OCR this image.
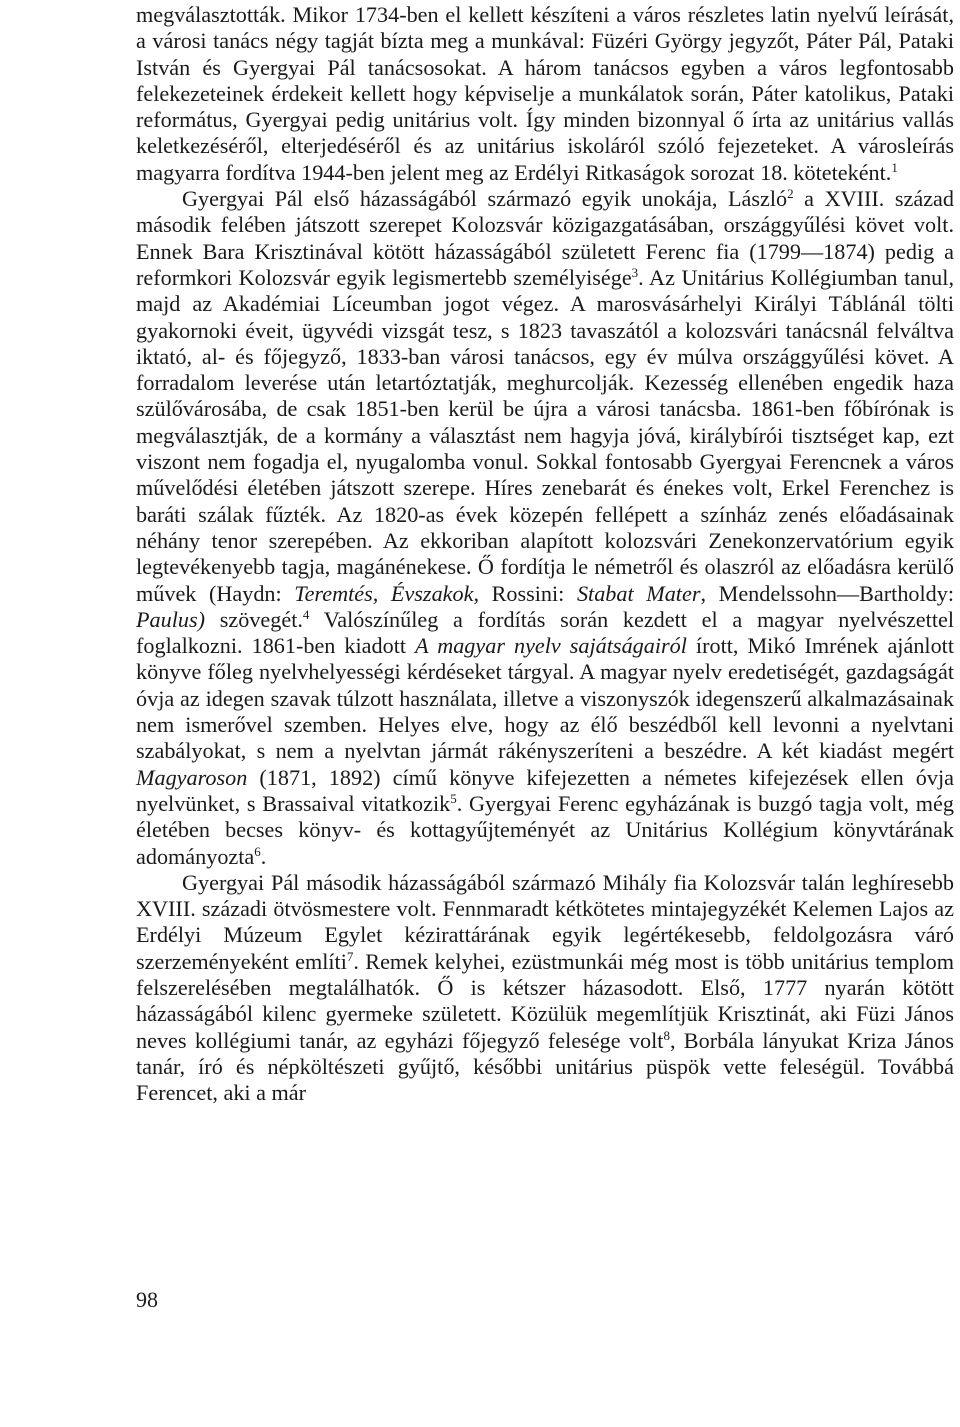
megválasztották. Mikor 1734-ben el kellett készíteni a város részletes latin nyelvű leírását, a városi tanács négy tagját bízta meg a munkával: Füzéri György jegyzőt, Páter Pál, Pataki István és Gyergyai Pál tanácsosokat. A három tanácsos egyben a város legfontosabb felekezeteinek érdekeit kellett hogy képviselje a munkálatok során, Páter katolikus, Pataki református, Gyergyai pedig unitárius volt. Így minden bizonnyal ő írta az unitárius vallás keletkezéséről, elterjedéséről és az unitárius iskoláról szóló fejezeteket. A városleírás magyarra fordítva 1944-ben jelent meg az Erdélyi Ritkaságok sorozat 18. köteteként.$^1$

Gyergyai Pál első házasságából származó egyik unokája, László$^2$ a XVIII. század második felében játszott szerepet Kolozsvár közigazgatásában, országgyűlési követ volt. Ennek Bara Krisztinával kötött házasságából született Ferenc fia (1799—1874) pedig a reformkori Kolozsvár egyik legismertebb személyisége$^3$. Az Unitárius Kollégiumban tanul, majd az Akadémiai Líceumban jogot végez. A marosvásárhelyi Királyi Táblánál tölti gyakornoki éveit, ügyvédi vizsgát tesz, s 1823 tavaszától a kolozsvári tanácsnál felváltva iktató, al- és főjegyző, 1833-ban városi tanácsos, egy év múlva országgyűlési követ. A forradalom leverése után letartóztatják, meghurcolják. Kezesség ellenében engedik haza szülővárosába, de csak 1851-ben kerül be újra a városi tanácsba. 1861-ben főbírónak is megválasztják, de a kormány a választást nem hagyja jóvá, királybírói tisztséget kap, ezt viszont nem fogadja el, nyugalomba vonul. Sokkal fontosabb Gyergyai Ferencnek a város művelődési életében játszott szerepe. Híres zenebarát és énekes volt, Erkel Ferenchez is baráti szálak fűzték. Az 1820-as évek közepén fellépett a színház zenés előadásainak néhány tenor szerepében. Az ekkoriban alapított kolozsvári Zenekonzervatórium egyik legtevékenyebb tagja, magánénekese. Ő fordítja le németről és olaszról az előadásra kerülő művek (Haydn: Teremtés, Évszakok, Rossini: Stabat Mater, Mendelssohn—Bartholdy: Paulus) szövegét.$^4$ Valószínűleg a fordítás során kezdett el a magyar nyelvészettel foglalkozni. 1861-ben kiadott A magyar nyelv sajátságairól írott, Mikó Imrének ajánlott könyve főleg nyelvhelyességi kérdéseket tárgyal. A magyar nyelv eredetiségét, gazdagságát óvja az idegen szavak túlzott használata, illetve a viszonyszók idegenszerű alkalmazásainak nem ismerővel szemben. Helyes elve, hogy az élő beszédből kell levonni a nyelvtani szabályokat, s nem a nyelvtan jármát rákényszeríteni a beszédre. A két kiadást megért Magyaroson (1871, 1892) című könyve kifejezetten a németes kifejezések ellen óvja nyelvünket, s Brassaival vitatkozik$^5$. Gyergyai Ferenc egyházának is buzgó tagja volt, még életében becses könyv- és kottagyűjteményét az Unitárius Kollégium könyvtárának adományozta$^6$.

Gyergyai Pál második házasságából származó Mihály fia Kolozsvár talán leghíresebb XVIII. századi ötvösmestere volt. Fennmaradt kétkötetes mintajegyzékét Kelemen Lajos az Erdélyi Múzeum Egylet kézirattárának egyik legértékesebb, feldolgozásra váró szerzeményeként említi$^7$. Remek kelyhei, ezüstmunkái még most is több unitárius templom felszerelésében megtalálhatók. Ő is kétszer házasodott. Első, 1777 nyarán kötött házasságából kilenc gyermeke született. Közülük megemlítjük Krisztinát, aki Füzi János neves kollégiumi tanár, az egyházi főjegyző felesége volt$^8$, Borbála lányukat Kriza János tanár, író és népköltészeti gyűjtő, későbbi unitárius püspök vette feleségül. Továbbá Ferencet, aki a már

98
